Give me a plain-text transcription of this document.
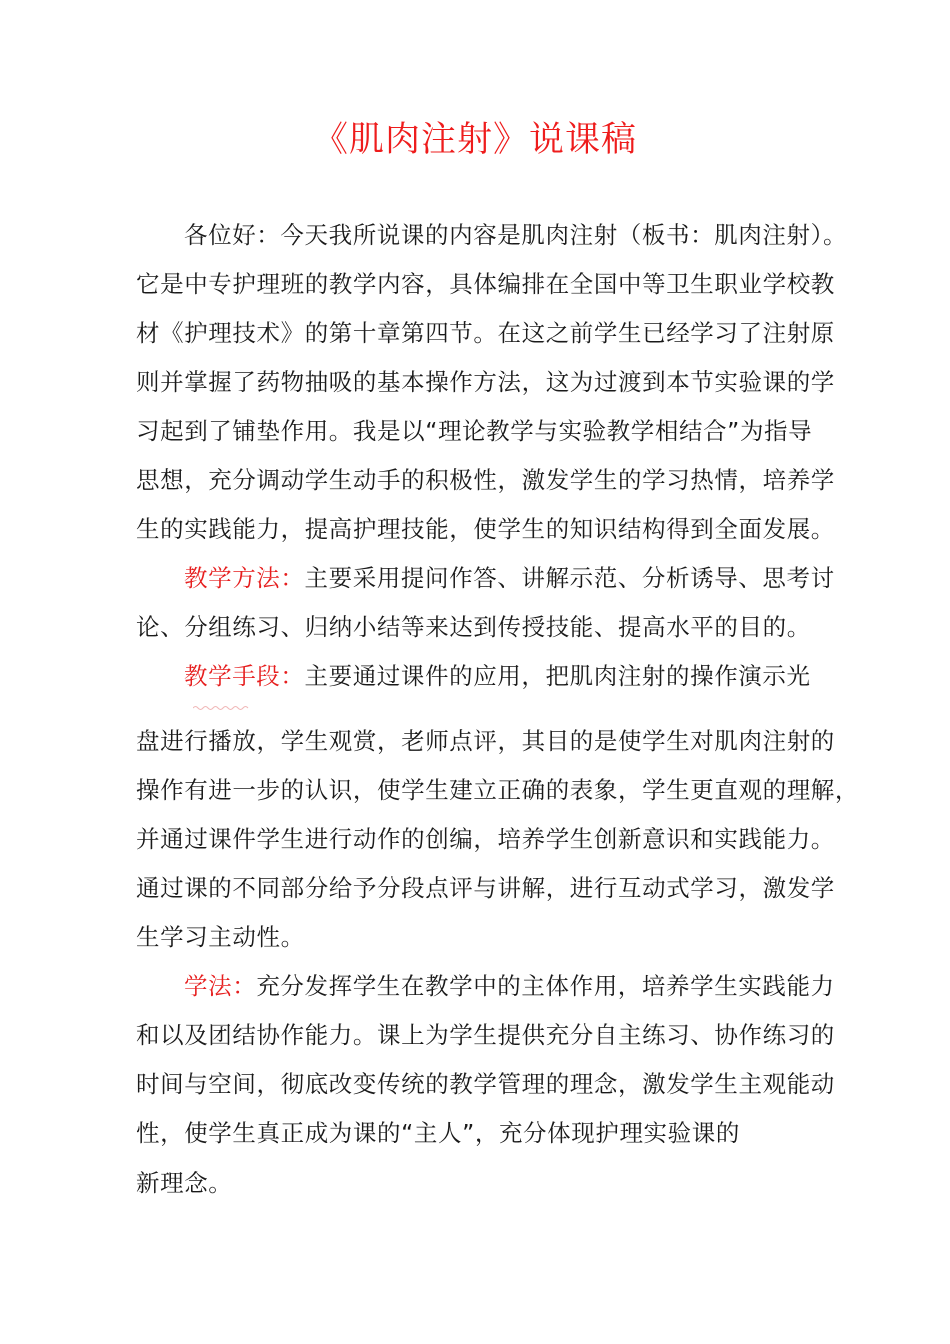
《肌肉注射》说课稿
各位好：今天我所说课的内容是肌肉注射（板书：肌肉注射）。
它是中专护理班的教学内容，具体编排在全国中等卫生职业学校教
材《护理技术》的第十章第四节。在这之前学生已经学习了注射原
则并掌握了药物抽吸的基本操作方法，这为过渡到本节实验课的学
习起到了铺垫作用。我是以“理论教学与实验教学相结合”为指导
思想，充分调动学生动手的积极性，激发学生的学习热情，培养学
生的实践能力，提高护理技能，使学生的知识结构得到全面发展。
教学方法：主要采用提问作答、讲解示范、分析诱导、思考讨
论、分组练习、归纳小结等来达到传授技能、提高水平的目的。
教学手段：主要通过课件的应用，把肌肉注射的操作演示光
盘进行播放，学生观赏，老师点评，其目的是使学生对肌肉注射的
操作有进一步的认识，使学生建立正确的表象，学生更直观的理解，
并通过课件学生进行动作的创编，培养学生创新意识和实践能力。
通过课的不同部分给予分段点评与讲解，进行互动式学习，激发学
生学习主动性。
学法：充分发挥学生在教学中的主体作用，培养学生实践能力
和以及团结协作能力。课上为学生提供充分自主练习、协作练习的
时间与空间，彻底改变传统的教学管理的理念，激发学生主观能动
性，使学生真正成为课的“主人”，充分体现护理实验课的
新理念。
